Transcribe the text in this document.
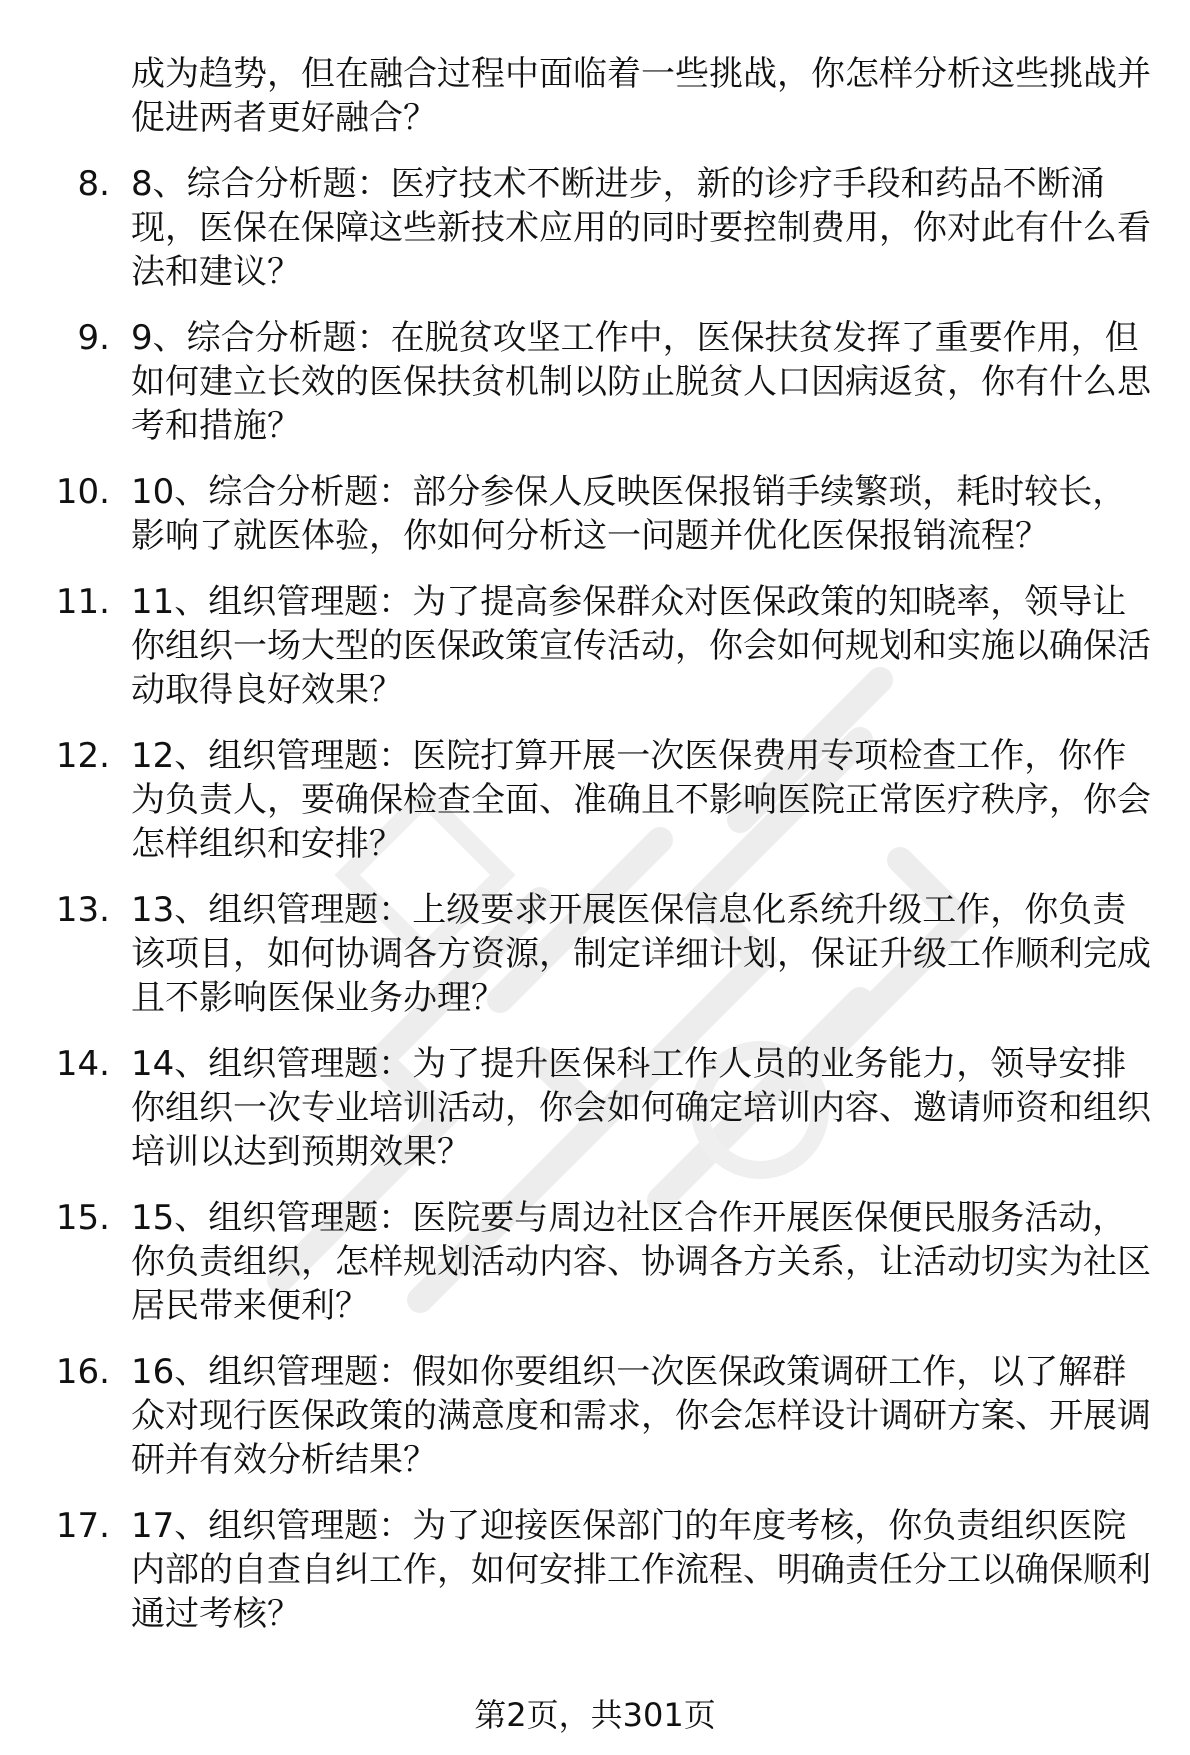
成为趋势，但在融合过程中面临着一些挑战，你怎样分析这些挑战并促进两者更好融合？
8. 8、综合分析题：医疗技术不断进步，新的诊疗手段和药品不断涌现，医保在保障这些新技术应用的同时要控制费用，你对此有什么看法和建议？
9. 9、综合分析题：在脱贫攻坚工作中，医保扶贫发挥了重要作用，但如何建立长效的医保扶贫机制以防止脱贫人口因病返贫，你有什么思考和措施？
10. 10、综合分析题：部分参保人反映医保报销手续繁琐，耗时较长，影响了就医体验，你如何分析这一问题并优化医保报销流程？
11. 11、组织管理题：为了提高参保群众对医保政策的知晓率，领导让你组织一场大型的医保政策宣传活动，你会如何规划和实施以确保活动取得良好效果？
12. 12、组织管理题：医院打算开展一次医保费用专项检查工作，你作为负责人，要确保检查全面、准确且不影响医院正常医疗秩序，你会怎样组织和安排？
13. 13、组织管理题：上级要求开展医保信息化系统升级工作，你负责该项目，如何协调各方资源，制定详细计划，保证升级工作顺利完成且不影响医保业务办理？
14. 14、组织管理题：为了提升医保科工作人员的业务能力，领导安排你组织一次专业培训活动，你会如何确定培训内容、邀请师资和组织培训以达到预期效果？
15. 15、组织管理题：医院要与周边社区合作开展医保便民服务活动，你负责组织，怎样规划活动内容、协调各方关系，让活动切实为社区居民带来便利？
16. 16、组织管理题：假如你要组织一次医保政策调研工作，以了解群众对现行医保政策的满意度和需求，你会怎样设计调研方案、开展调研并有效分析结果？
17. 17、组织管理题：为了迎接医保部门的年度考核，你负责组织医院内部的自查自纠工作，如何安排工作流程、明确责任分工以确保顺利通过考核？
第2页，共301页
